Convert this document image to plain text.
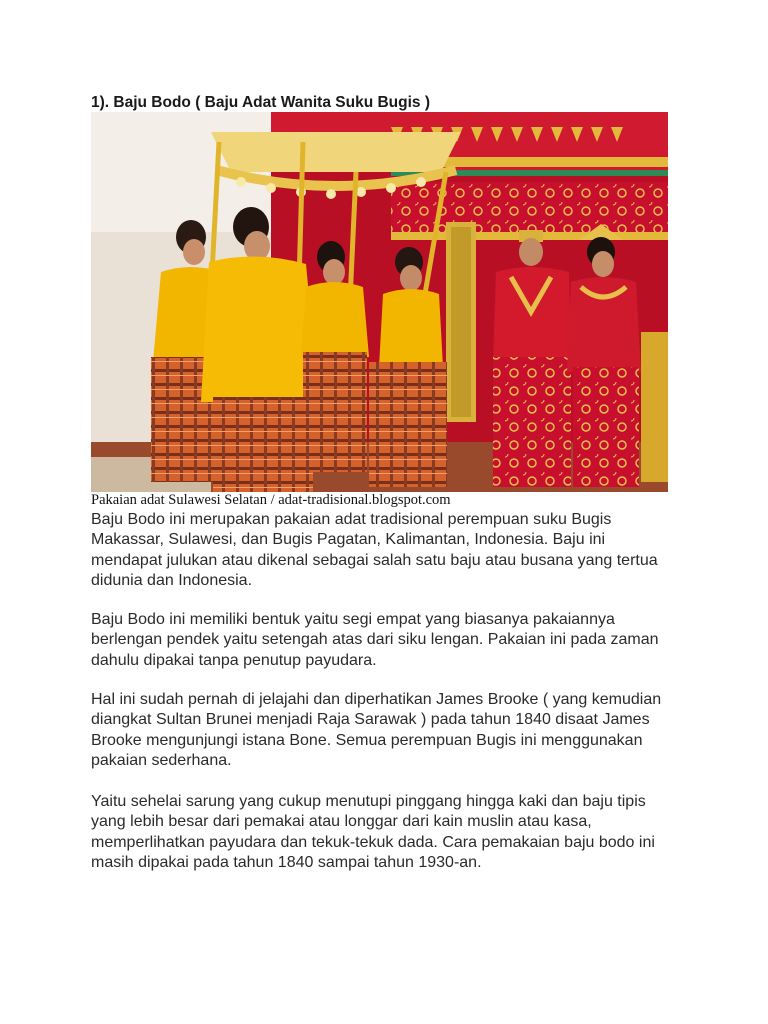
1). Baju Bodo ( Baju Adat Wanita Suku Bugis )

Pakaian adat Sulawesi Selatan / adat-tradisional.blogspot.com

Baju Bodo ini merupakan pakaian adat tradisional perempuan suku Bugis
Makassar, Sulawesi, dan Bugis Pagatan, Kalimantan, Indonesia. Baju ini
mendapat julukan atau dikenal sebagai salah satu baju atau busana yang tertua
didunia dan Indonesia.

Baju Bodo ini memiliki bentuk yaitu segi empat yang biasanya pakaiannya
berlengan pendek yaitu setengah atas dari siku lengan. Pakaian ini pada zaman
dahulu dipakai tanpa penutup payudara.

Hal ini sudah pernah di jelajahi dan diperhatikan James Brooke ( yang kemudian
diangkat Sultan Brunei menjadi Raja Sarawak ) pada tahun 1840 disaat James
Brooke mengunjungi istana Bone. Semua perempuan Bugis ini menggunakan
pakaian sederhana.

Yaitu sehelai sarung yang cukup menutupi pinggang hingga kaki dan baju tipis
yang lebih besar dari pemakai atau longgar dari kain muslin atau kasa,
memperlihatkan payudara dan tekuk-tekuk dada. Cara pemakaian baju bodo ini
masih dipakai pada tahun 1840 sampai tahun 1930-an.
